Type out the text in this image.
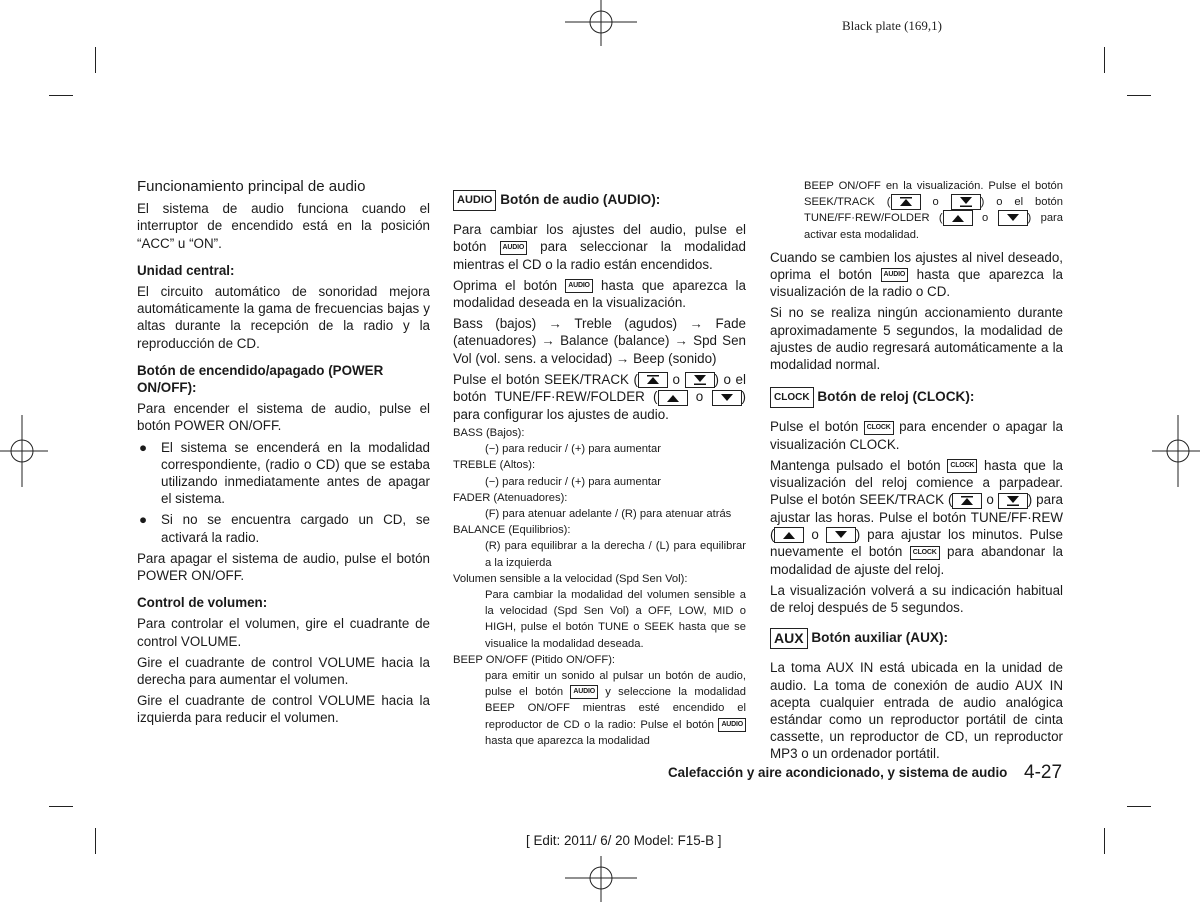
Black plate (169,1)
Funcionamiento principal de audio

El sistema de audio funciona cuando el interruptor de encendido está en la posición “ACC” u “ON”.

Unidad central:

El circuito automático de sonoridad mejora automáticamente la gama de frecuencias bajas y altas durante la recepción de la radio y la reproducción de CD.

Botón de encendido/apagado (POWER ON/OFF):

Para encender el sistema de audio, pulse el botón POWER ON/OFF.

● El sistema se encenderá en la modalidad correspondiente, (radio o CD) que se estaba utilizando inmediatamente antes de apagar el sistema.
● Si no se encuentra cargado un CD, se activará la radio.

Para apagar el sistema de audio, pulse el botón POWER ON/OFF.

Control de volumen:

Para controlar el volumen, gire el cuadrante de control VOLUME.

Gire el cuadrante de control VOLUME hacia la derecha para aumentar el volumen.

Gire el cuadrante de control VOLUME hacia la izquierda para reducir el volumen.

AUDIO Botón de audio (AUDIO):

Para cambiar los ajustes del audio, pulse el botón AUDIO para seleccionar la modalidad mientras el CD o la radio están encendidos.

Oprima el botón AUDIO hasta que aparezca la modalidad deseada en la visualización.

Bass (bajos) → Treble (agudos) → Fade (atenuadores) → Balance (balance) → Spd Sen Vol (vol. sens. a velocidad) → Beep (sonido)

Pulse el botón SEEK/TRACK (	o	) o el botón TUNE/FF·REW/FOLDER (	o	) para configurar los ajustes de audio.

BASS (Bajos):

(−) para reducir / (+) para aumentar

TREBLE (Altos):

(−) para reducir / (+) para aumentar

FADER (Atenuadores):

(F) para atenuar adelante / (R) para atenuar atrás

BALANCE (Equilibrios):

(R) para equilibrar a la derecha / (L) para equilibrar a la izquierda

Volumen sensible a la velocidad (Spd Sen Vol):

Para cambiar la modalidad del volumen sensible a la velocidad (Spd Sen Vol) a OFF, LOW, MID o HIGH, pulse el botón TUNE o SEEK hasta que se visualice la modalidad deseada.

BEEP ON/OFF (Pitido ON/OFF):

para emitir un sonido al pulsar un botón de audio, pulse el botón AUDIO y seleccione la modalidad BEEP ON/OFF mientras esté encendido el reproductor de CD o la radio: Pulse el botón AUDIO hasta que aparezca la modalidad

BEEP ON/OFF en la visualización. Pulse el botón SEEK/TRACK (	o	) o el botón TUNE/FF·REW/FOLDER (	o	) para activar esta modalidad.

Cuando se cambien los ajustes al nivel deseado, oprima el botón AUDIO hasta que aparezca la visualización de la radio o CD.

Si no se realiza ningún accionamiento durante aproximadamente 5 segundos, la modalidad de ajustes de audio regresará automáticamente a la modalidad normal.

CLOCK Botón de reloj (CLOCK):

Pulse el botón CLOCK para encender o apagar la visualización CLOCK.

Mantenga pulsado el botón CLOCK hasta que la visualización del reloj comience a parpadear. Pulse el botón SEEK/TRACK (	o	) para ajustar las horas. Pulse el botón TUNE/FF·REW (	o	) para ajustar los minutos. Pulse nuevamente el botón CLOCK para abandonar la modalidad de ajuste del reloj.

La visualización volverá a su indicación habitual de reloj después de 5 segundos.

AUX Botón auxiliar (AUX):

La toma AUX IN está ubicada en la unidad de audio. La toma de conexión de audio AUX IN acepta cualquier entrada de audio analógica estándar como un reproductor portátil de cinta cassette, un reproductor de CD, un reproductor MP3 o un ordenador portátil.

Calefacción y aire acondicionado, y sistema de audio 4-27
[ Edit: 2011/ 6/ 20 Model: F15-B ]
